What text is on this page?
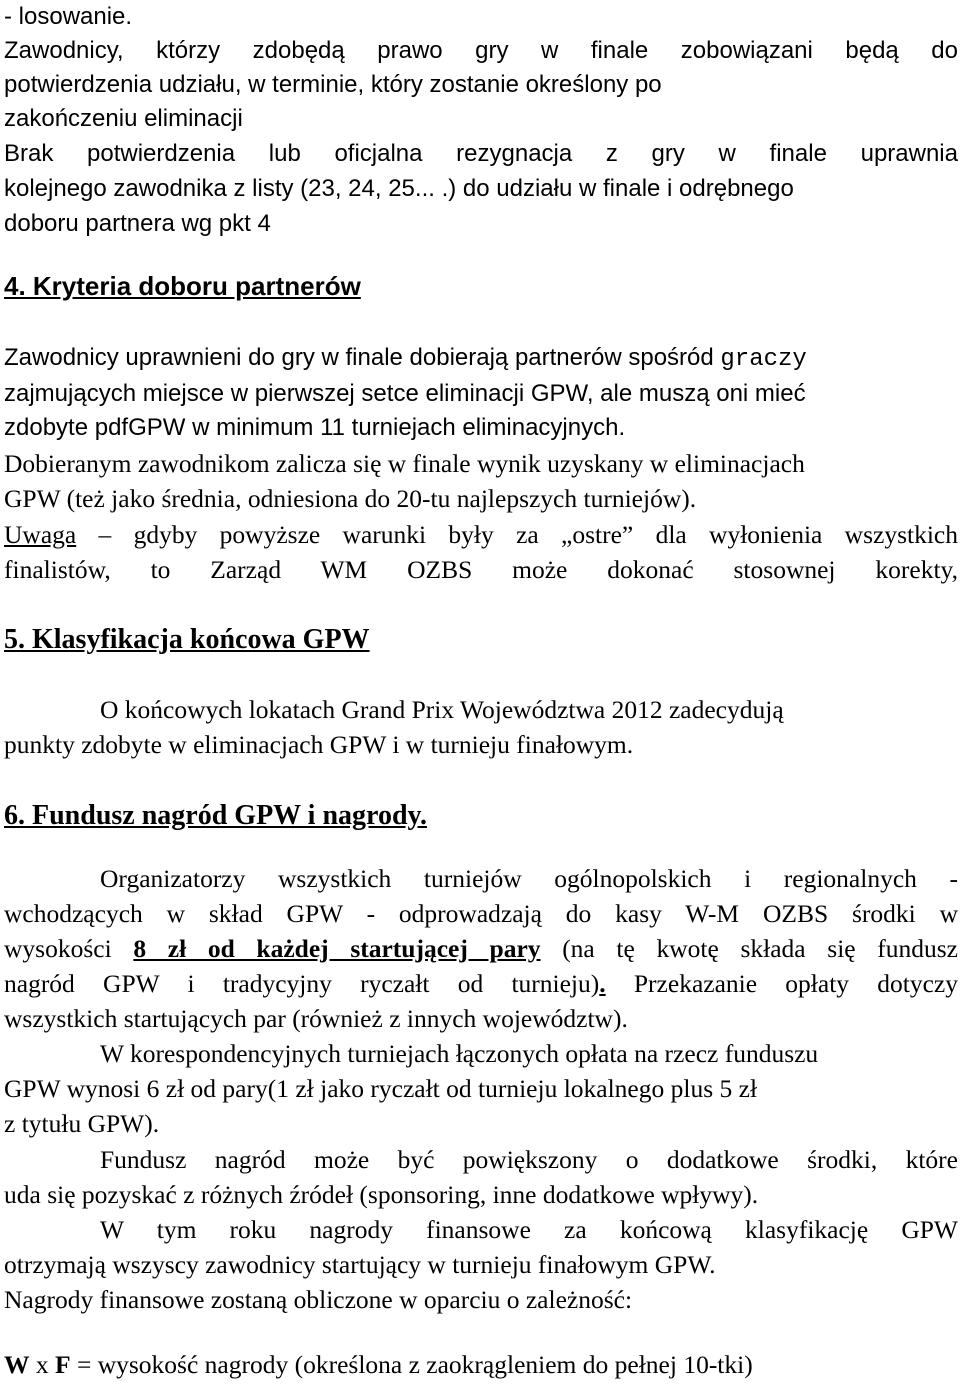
- losowanie.
Zawodnicy, którzy zdobędą prawo gry w finale zobowiązani będą do
potwierdzenia udziału, w terminie, który zostanie określony po
zakończeniu eliminacji
Brak potwierdzenia lub oficjalna rezygnacja z gry w finale uprawnia
kolejnego zawodnika z listy (23, 24, 25... .) do udziału w finale i odrębnego
doboru partnera wg pkt 4
4. Kryteria doboru partnerów
Zawodnicy uprawnieni do gry w finale dobierają partnerów spośród graczy
zajmujących miejsce w pierwszej setce eliminacji GPW, ale muszą oni mieć
zdobyte pdfGPW w minimum 11 turniejach eliminacyjnych.
Dobieranym zawodnikom zalicza się w finale wynik uzyskany w eliminacjach
GPW (też jako średnia, odniesiona do 20-tu najlepszych turniejów).
Uwaga – gdyby powyższe warunki były za „ostre” dla wyłonienia wszystkich
finalistów, to Zarząd WM OZBS może dokonać stosownej korekty,
5. Klasyfikacja końcowa GPW
O końcowych lokatach Grand Prix Województwa 2012 zadecydują
punkty zdobyte w eliminacjach GPW i w turnieju finałowym.
6. Fundusz nagród GPW i nagrody.
Organizatorzy wszystkich turniejów ogólnopolskich i regionalnych -
wchodzących w skład GPW - odprowadzają do kasy W-M OZBS środki w
wysokości 8 zł od każdej startującej pary (na tę kwotę składa się fundusz
nagród GPW i tradycyjny ryczałt od turnieju). Przekazanie opłaty dotyczy
wszystkich startujących par (również z innych województw).
W korespondencyjnych turniejach łączonych opłata na rzecz funduszu
GPW wynosi 6 zł od pary(1 zł jako ryczałt od turnieju lokalnego plus 5 zł
z tytułu GPW).
Fundusz nagród może być powiększony o dodatkowe środki, które
uda się pozyskać z różnych źródeł (sponsoring, inne dodatkowe wpływy).
W tym roku nagrody finansowe za końcową klasyfikację GPW
otrzymają wszyscy zawodnicy startujący w turnieju finałowym GPW.
Nagrody finansowe zostaną obliczone w oparciu o zależność:
W x F = wysokość nagrody (określona z zaokrągleniem do pełnej 10-tki)
